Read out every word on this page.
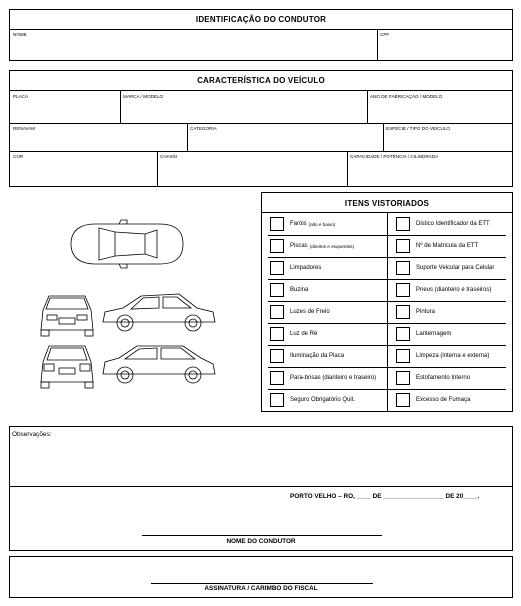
IDENTIFICAÇÃO DO CONDUTOR
NOME	CPF
CARACTERÍSTICA DO VEÍCULO
PLACA	MARCA / MODELO	ANO DE FABRICAÇÃO / MODELO
RENAVAM	CATEGORIA	ESPÉCIE / TIPO DO VEÍCULO
COR	CHASSI	CAPACIDADE / POTÊNCIA / CILINDRADA
ITENS VISTORIADOS
Faróis (alto e baixo)	Distico Identificador da ETT
Piscas (direitos e esquerdos)	Nº de Matricula da ETT
Limpadores	Suporte Veicular para Celular
Buzina	Pneus (dianteiro e traseiros)
Luzes de Freio	Pintura
Luz de Ré	Lanternagem
Iluminação da Placa	Limpeza (interna e externa)
Para-brisas (dianteiro e traseiro)	Estofamento Interno
Seguro Obrigatório Quit.	Excesso de Fumaça
Observações:
PORTO VELHO – RO, ____ DE _________________ DE 20____.
NOME DO CONDUTOR
ASSINATURA / CARIMBO DO FISCAL
